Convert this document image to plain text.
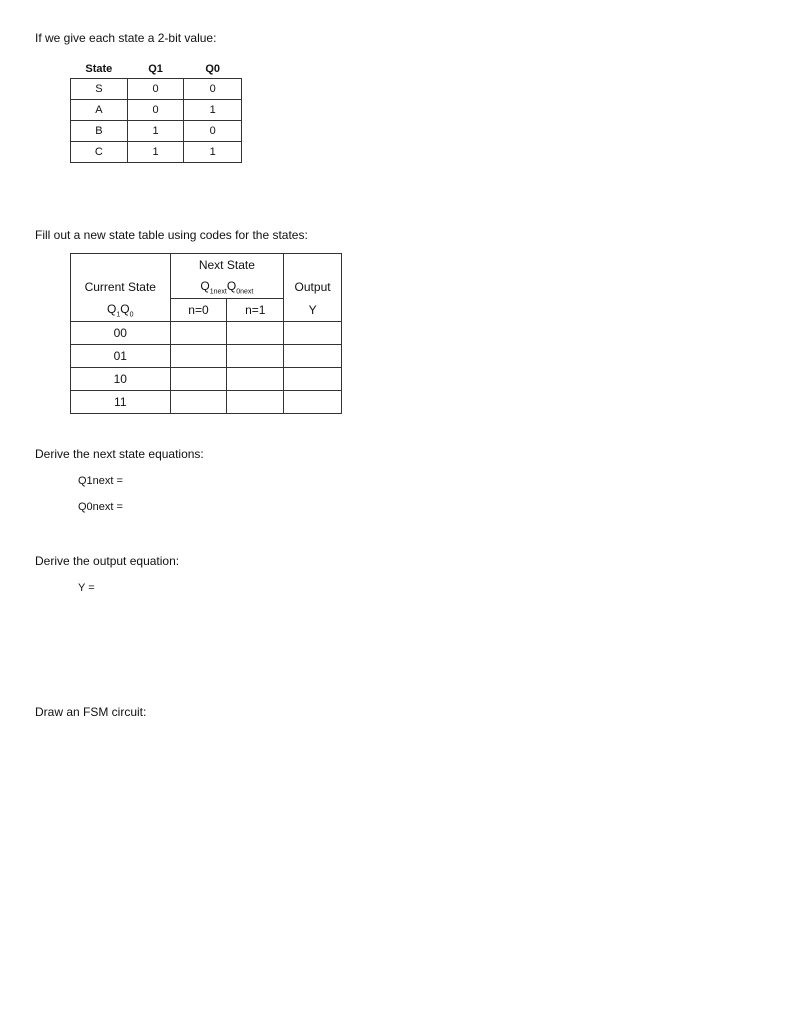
If we give each state a 2-bit value:
State	Q1	Q0
S	0	0
A	0	1
B	1	0
C	1	1
Fill out a new state table using codes for the states:
	Next State		
Current State	$Q_{1next}Q_{0next}$		Output
$Q_1Q_0$	n=0	n=1	Y
00			
01			
10			
11			
Derive the next state equations:
Q1next =
Q0next =
Derive the output equation:
Y =
Draw an FSM circuit:
